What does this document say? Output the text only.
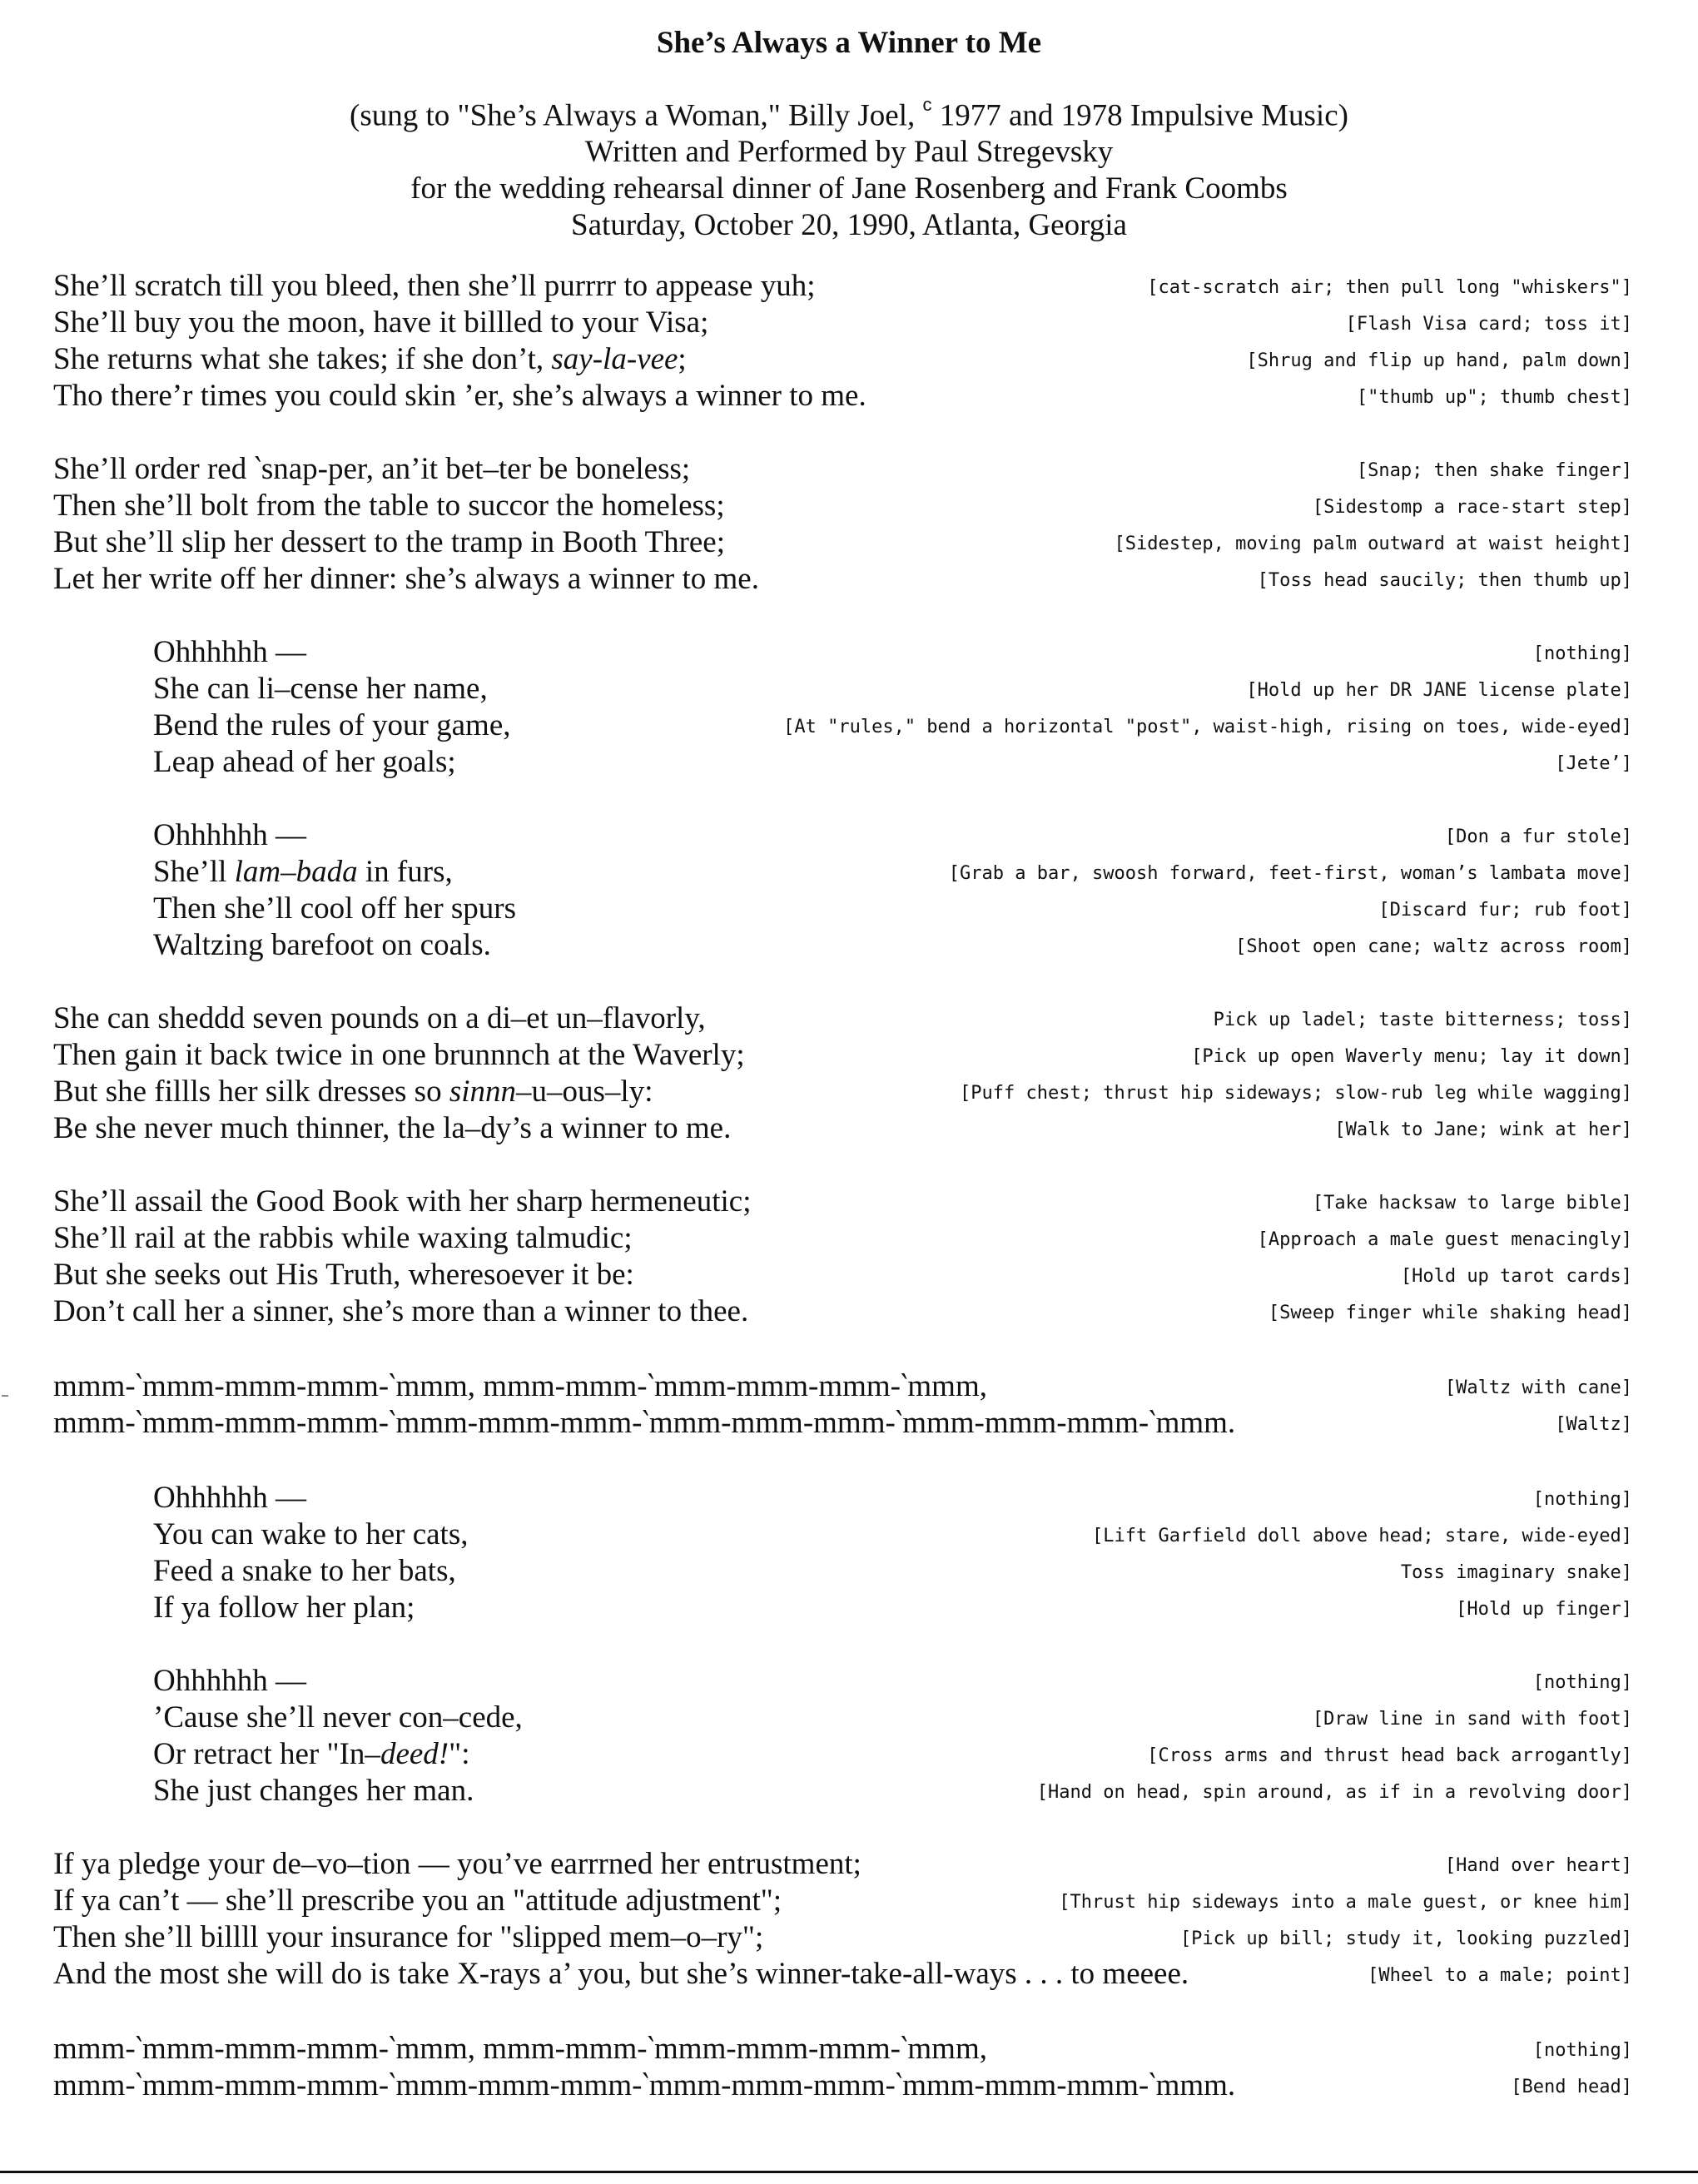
She’s Always a Winner to Me
(sung to "She’s Always a Woman," Billy Joel, $^c$ 1977 and 1978 Impulsive Music)
Written and Performed by Paul Stregevsky
for the wedding rehearsal dinner of Jane Rosenberg and Frank Coombs
Saturday, October 20, 1990, Atlanta, Georgia
She’ll scratch till you bleed, then she’ll purrrr to appease yuh;	[cat-scratch air; then pull long "whiskers"]
She’ll buy you the moon, have it billled to your Visa;	[Flash Visa card; toss it]
She returns what she takes; if she don’t, say-la-vee;	[Shrug and flip up hand, palm down]
Tho there’r times you could skin ’er, she’s always a winner to me.	["thumb up"; thumb chest]
She’ll order red ‵snap-per, an’it bet–ter be boneless;	[Snap; then shake finger]
Then she’ll bolt from the table to succor the homeless;	[Sidestomp a race-start step]
But she’ll slip her dessert to the tramp in Booth Three;	[Sidestep, moving palm outward at waist height]
Let her write off her dinner: she’s always a winner to me.	[Toss head saucily; then thumb up]
Ohhhhhh ––	[nothing]
She can li–cense her name,	[Hold up her DR JANE license plate]
Bend the rules of your game,	[At "rules," bend a horizontal "post", waist-high, rising on toes, wide-eyed]
Leap ahead of her goals;	[Jete’]
Ohhhhhh ––	[Don a fur stole]
She’ll lam–bada in furs,	[Grab a bar, swoosh forward, feet-first, woman’s lambata move]
Then she’ll cool off her spurs	[Discard fur; rub foot]
Waltzing barefoot on coals.	[Shoot open cane; waltz across room]
She can sheddd seven pounds on a di–et un–flavorly,	Pick up ladel; taste bitterness; toss]
Then gain it back twice in one brunnnch at the Waverly;	[Pick up open Waverly menu; lay it down]
But she fillls her silk dresses so sinnn–u–ous–ly:	[Puff chest; thrust hip sideways; slow-rub leg while wagging]
Be she never much thinner, the la–dy’s a winner to me.	[Walk to Jane; wink at her]
She’ll assail the Good Book with her sharp hermeneutic;	[Take hacksaw to large bible]
She’ll rail at the rabbis while waxing talmudic;	[Approach a male guest menacingly]
But she seeks out His Truth, wheresoever it be:	[Hold up tarot cards]
Don’t call her a sinner, she’s more than a winner to thee.	[Sweep finger while shaking head]
mmm-‵mmm-mmm-mmm-‵mmm, mmm-mmm-‵mmm-mmm-mmm-‵mmm,	[Waltz with cane]
mmm-‵mmm-mmm-mmm-‵mmm-mmm-mmm-‵mmm-mmm-mmm-‵mmm-mmm-mmm-‵mmm.	[Waltz]
Ohhhhhh ––	[nothing]
You can wake to her cats,	[Lift Garfield doll above head; stare, wide-eyed]
Feed a snake to her bats,	Toss imaginary snake]
If ya follow her plan;	[Hold up finger]
Ohhhhhh ––	[nothing]
’Cause she’ll never con–cede,	[Draw line in sand with foot]
Or retract her "In–deed!":	[Cross arms and thrust head back arrogantly]
She just changes her man.	[Hand on head, spin around, as if in a revolving door]
If ya pledge your de–vo–tion –– you’ve earrrned her entrustment;	[Hand over heart]
If ya can’t –– she’ll prescribe you an "attitude adjustment";	[Thrust hip sideways into a male guest, or knee him]
Then she’ll billll your insurance for "slipped mem–o–ry";	[Pick up bill; study it, looking puzzled]
And the most she will do is take X-rays a’ you, but she’s winner-take-all-ways . . . to meeee.	[Wheel to a male; point]
mmm-‵mmm-mmm-mmm-‵mmm, mmm-mmm-‵mmm-mmm-mmm-‵mmm,	[nothing]
mmm-‵mmm-mmm-mmm-‵mmm-mmm-mmm-‵mmm-mmm-mmm-‵mmm-mmm-mmm-‵mmm.	[Bend head]
